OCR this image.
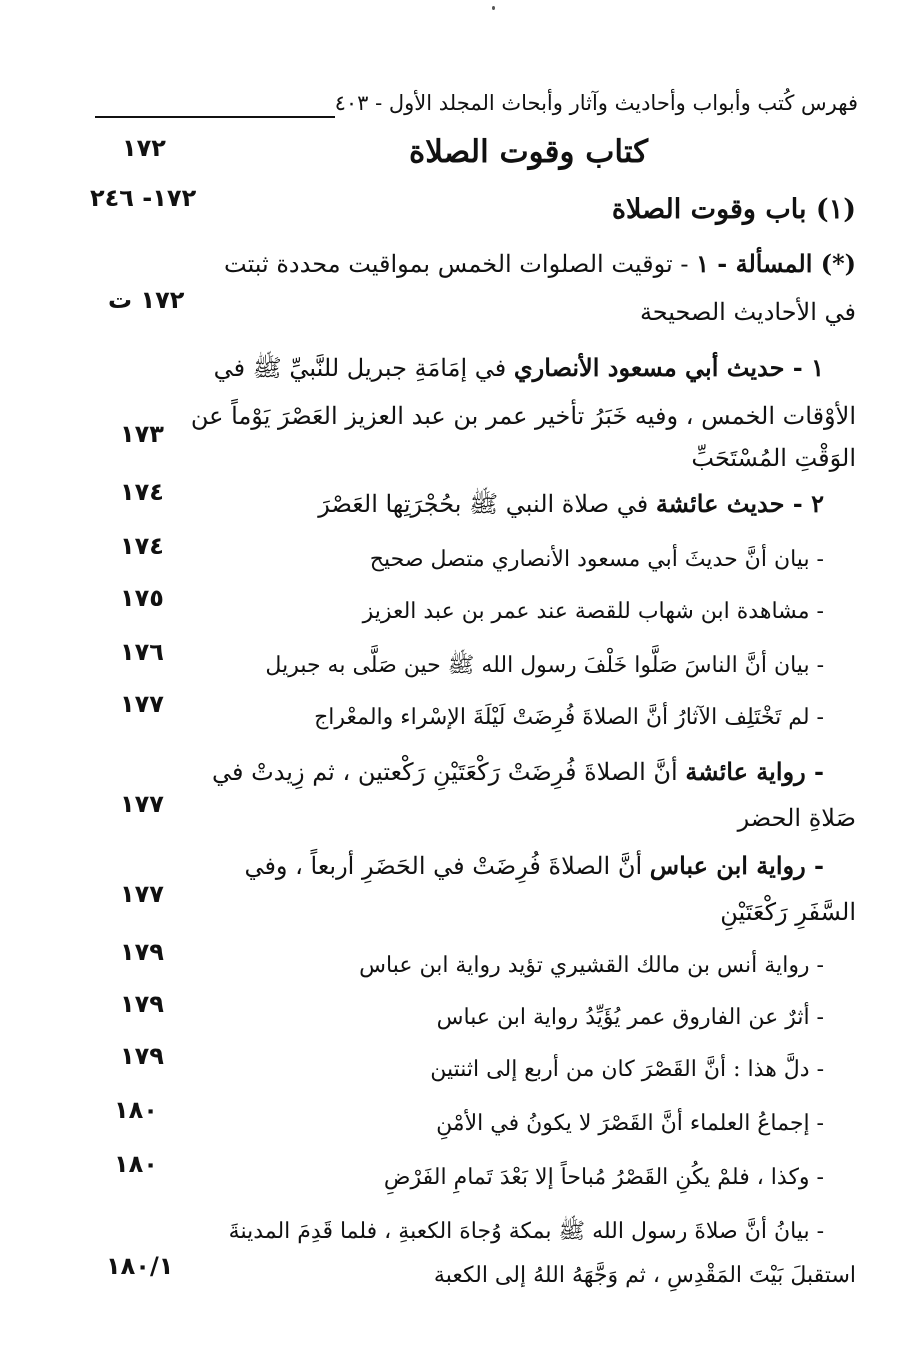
فهرس كُتب وأبواب وأحاديث وآثار وأبحاث المجلد الأول - ٤٠٣
كتاب وقوت الصلاة
١٧٢
(١) باب وقوت الصلاة
١٧٢- ٢٤٦
(*) المسألة - ١ - توقيت الصلوات الخمس بمواقيت محددة ثبتت
في الأحاديث الصحيحة
١٧٢ ت
١ - حديث أبي مسعود الأنصاري في إمَامَةِ جبريل للنَّبيِّ ﷺ في
الأوْقات الخمس ، وفيه خَبَرُ تأخير عمر بن عبد العزيز العَصْرَ يَوْماً عن
الوَقْتِ المُسْتَحَبِّ
١٧٣
٢ - حديث عائشة في صلاة النبي ﷺ بحُجْرَتِها العَصْرَ
١٧٤
- بيان أنَّ حديثَ أبي مسعود الأنصاري متصل صحيح
١٧٤
- مشاهدة ابن شهاب للقصة عند عمر بن عبد العزيز
١٧٥
- بيان أنَّ الناسَ صَلَّوا خَلْفَ رسول الله ﷺ حين صَلَّى به جبريل
١٧٦
- لم تَخْتَلِف الآثارُ أنَّ الصلاةَ فُرِضَتْ لَيْلَةَ الإسْراء والمعْراج
١٧٧
- رواية عائشة أنَّ الصلاةَ فُرِضَتْ رَكْعَتَيْنِ رَكْعتين ، ثم زِيدتْ في
صَلاةِ الحضر
١٧٧
- رواية ابن عباس أنَّ الصلاةَ فُرِضَتْ في الحَضَرِ أربعاً ، وفي
السَّفَرِ رَكْعَتَيْنِ
١٧٧
- رواية أنس بن مالك القشيري تؤيد رواية ابن عباس
١٧٩
- أثرٌ عن الفاروق عمر يُؤَيِّدُ رواية ابن عباس
١٧٩
- دلَّ هذا : أنَّ القَصْرَ كان من أربع إلى اثنتين
١٧٩
- إجماعُ العلماء أنَّ القَصْرَ لا يكونُ في الأمْنِ
١٨٠
- وكذا ، فلمْ يكُنِ القَصْرُ مُباحاً إلا بَعْدَ تَمامِ الفَرْضِ
١٨٠
- بيانُ أنَّ صلاةَ رسول الله ﷺ بمكة وُجاهَ الكعبةِ ، فلما قَدِمَ المدينةَ
استقبلَ بَيْتَ المَقْدِسِ ، ثم وَجَّهَهُ اللهُ إلى الكعبة
١٨٠/١
